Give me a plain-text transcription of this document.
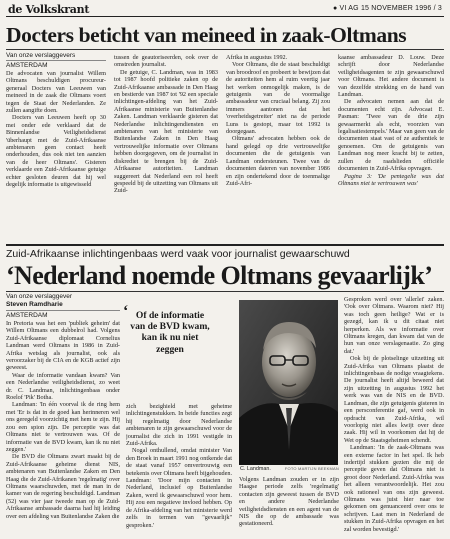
de Volkskrant	● VI AG 15 NOVEMBER 1996 / 3
Docters beticht van meineed in zaak-Oltmans
Van onze verslaggevers
AMSTERDAM

De advocaten van journalist Willem Oltmans beschuldigen procureur-generaal Docters van Leeuwen van meineed in de zaak die Oltmans voert tegen de Staat der Nederlanden. Ze zullen aangifte doen.

Docters van Leeuwen heeft op 30 mei onder ede verklaard dat de Binnenlandse Veiligheidsdienst 'überhaupt met de Zuid-Afrikaanse ambtenaren geen contact heeft onderhouden, dus ook niet ten aanzien van de heer Oltmans'. Gisteren verklaarde een Zuid-Afrikaanse getuige echter gesloten deuren dat hij wel degelijk informatie is uitgewisseld

tussen de geautoriseerden, ook over de omstreden journalist.

De getuige, C. Landman, was in 1983 tot 1987 hoofd politieke zaken op de Zuid-Afrikaanse ambassade in Den Haag en bestierde van 1987 tot '92 een speciale inlichtingen-afdeling van het Zuid-Afrikaanse ministerie van Buitenlandse Zaken. Landman verklaarde gisteren dat Nederlandse inlichtingendiensten en ambtenaren van het ministerie van Buitenlandse Zaken in Den Haag vertrouwelijke informatie over Oltmans hebben doorgegeven, om de journalist in diskrediet te brengen bij de Zuid-Afrikaanse autoriteiten. Landman suggereert dat Nederland een rol heeft gespeeld bij de uitzetting van Oltmans uit Zuid-

Afrika in augustus 1992.

Voor Oltmans, die de staat beschuldigt van broodroof en probeert te bewijzen dat de autoriteiten hem al ruim veertig jaar het werken onmogelijk maken, is de getuigenis van de voormalige ambassadeur van cruciaal belang. Zij zou immers aantonen dat het 'overheidsgetreiter' niet na de periode Luns is gestopt, maar tot 1992 is doorgegaan.

Oltmans' advocaten hebben ook de hand gelegd op drie vertrouwelijke documenten die de getuigenis van Landman ondersteunen. Twee van de documenten dateren van november 1986 en zijn ondertekend door de toenmalige Zuid-Afri-

kaanse ambassadeur D. Louw. Deze schrijft door Nederlandse veiligheidsagenten te zijn gewaarschuwd voor Oltmans. Het andere document is van dezelfde strekking en de hand van Landman.

De advocaten nemen aan dat de documenten echt zijn. Advocaat E. Pasman: 'Twee van de drie zijn gewaarmerkt als echt, voorzien van legalisatiestempels.' Maar van geen van de documenten staat vast of ze authentiek te genoemen. Om de getuigenis van Landman nog meer kracht bij te zetten, zullen de raadslieden officiële documenten in Zuid-Afrika opvragen.

Pagina 3: 'De pentegelie was dat Oltmans niet te vertrouwen was'

Zuid-Afrikaanse inlichtingenbaas werd vaak voor journalist gewaarschuwd
‘Nederland noemde Oltmans gevaarlijk’
Van onze verslaggever
Steven Ramdharie
AMSTERDAM

In Pretoria was het een 'publiek geheim' dat Willem Oltmans een dubbelrol had. Volgens Zuid-Afrikaanse diplomaat Cornelius Landman werd Oltmans in 1986 in Zuid-Afrika wetslag als journalist, ook als veroorzaker bij de CIA en de KGB actief zijn geweest.

Waar de informatie vandaan kwam? Van een Nederlandse veiligheidsdienst, zo weet dr. C. Landman, inlichtingenbaas onder Roelof 'Pik' Botha.

Landman: 'In één voorval ik de ring hem met 'Er is dat in de goed kan herinneren wel ons geregeld voorzichtig met hem te zijn. Hij zou een spion zijn. De perceptie was dat Oltmans niet te vertrouwen was. Of de informatie van de BVD kwam, kan ik nu niet zeggen.'

De BVD die Oltmans zwart maakt bij de Zuid-Afrikaanse geheime dienst NIS, ambtenaren van Buitenlandse Zaken en Den Haag die de Zuid-Afrikanen 'regelmatig' over Oltmans waarschuwden, met de man in de kamer van de regering beschuldigd. Landman (52) was vier jaar tweede man op de Zuid-Afrikaanse ambassade daarna had hij leiding over een afdeling van Buitenlandse Zaken die

‘ Of de informatie van de BVD kwam, kan ik nu niet zeggen

zich bezighield met geheime inlichtingenstukken. In beide functies zegt hij regelmatig door Nederlandse ambtenaren te zijn gewaarschuwd voor de journalist die zich in 1991 vestigde in Zuid-Afrika.

Nogal onthullend, omdat minister Van den Broek in maart 1991 nog ontkende dat de staat vanaf 1957 omvertrouwig een betekenis over Oltmans heeft bijgehouden. Landman: 'Door mijn contacten in Nederland, inclusief op Buitenlandse Zaken, werd ik gewaarschuwd voor hem. Hij zou een negatieve invloed hebben. Op de Afrika-afdeling van het ministerie werd zelfs in termen van "gevaarlijk" gesproken.'

C. Landman.	FOTO MARTIJN BEEKMAN

Volgens Landman zouden er in zijn Haagse periode zelfs 'regelmatig' contacten zijn geweest tussen de BVD en andere Nederlandse veiligheidsdiensten en een agent van de NIS die op de ambassade was gestationeerd.

Gesproken werd over 'allerlei' zaken. 'Ook over Oltmans. Waarom niet? Hij was toch geen heilige? Wat er is gezegd, kan ik u dit citaat niet herperken. Als we informatie over Oltmans kregen, dan kwam dat van de hun van onze verslagenaatie. Zo ging dat.'

Ook bij de plotselinge uitzetting uit Zuid-Afrika van Oltmans plaatst de inlichtingenbaas de nodige vraagtekens. De journalist heeft altijd beweerd dat zijn uitzetting in augustus 1992 het werk was van de NIS en de BVD. Landman, die zijn getuigenis gisteren in een persconferentie gaf, werd ook in opdracht van Zuid-Afrika, wil voorlopig niet alles kwijt over deze zaak. Hij wil in voorkomen dat hij de Wet op de Staatsgeheimen schendt.

Landman: 'In de zaak-Oltmans was een externe factor in het spel. Ik heb indertijd stukken gezien die mij de perceptie geven dat Oltmans niet is groot door Nederland. Zuid-Afrika was het alleen verantwoordelijk. Het zou ook rationeel van ons zijn geweest. Oltmans was juist hier naar toe gekomen om genuanceerd over ons te schrijven. Laat men in Nederland de stukken in Zuid-Afrika opvragen en het zal worden bevestigd.'
